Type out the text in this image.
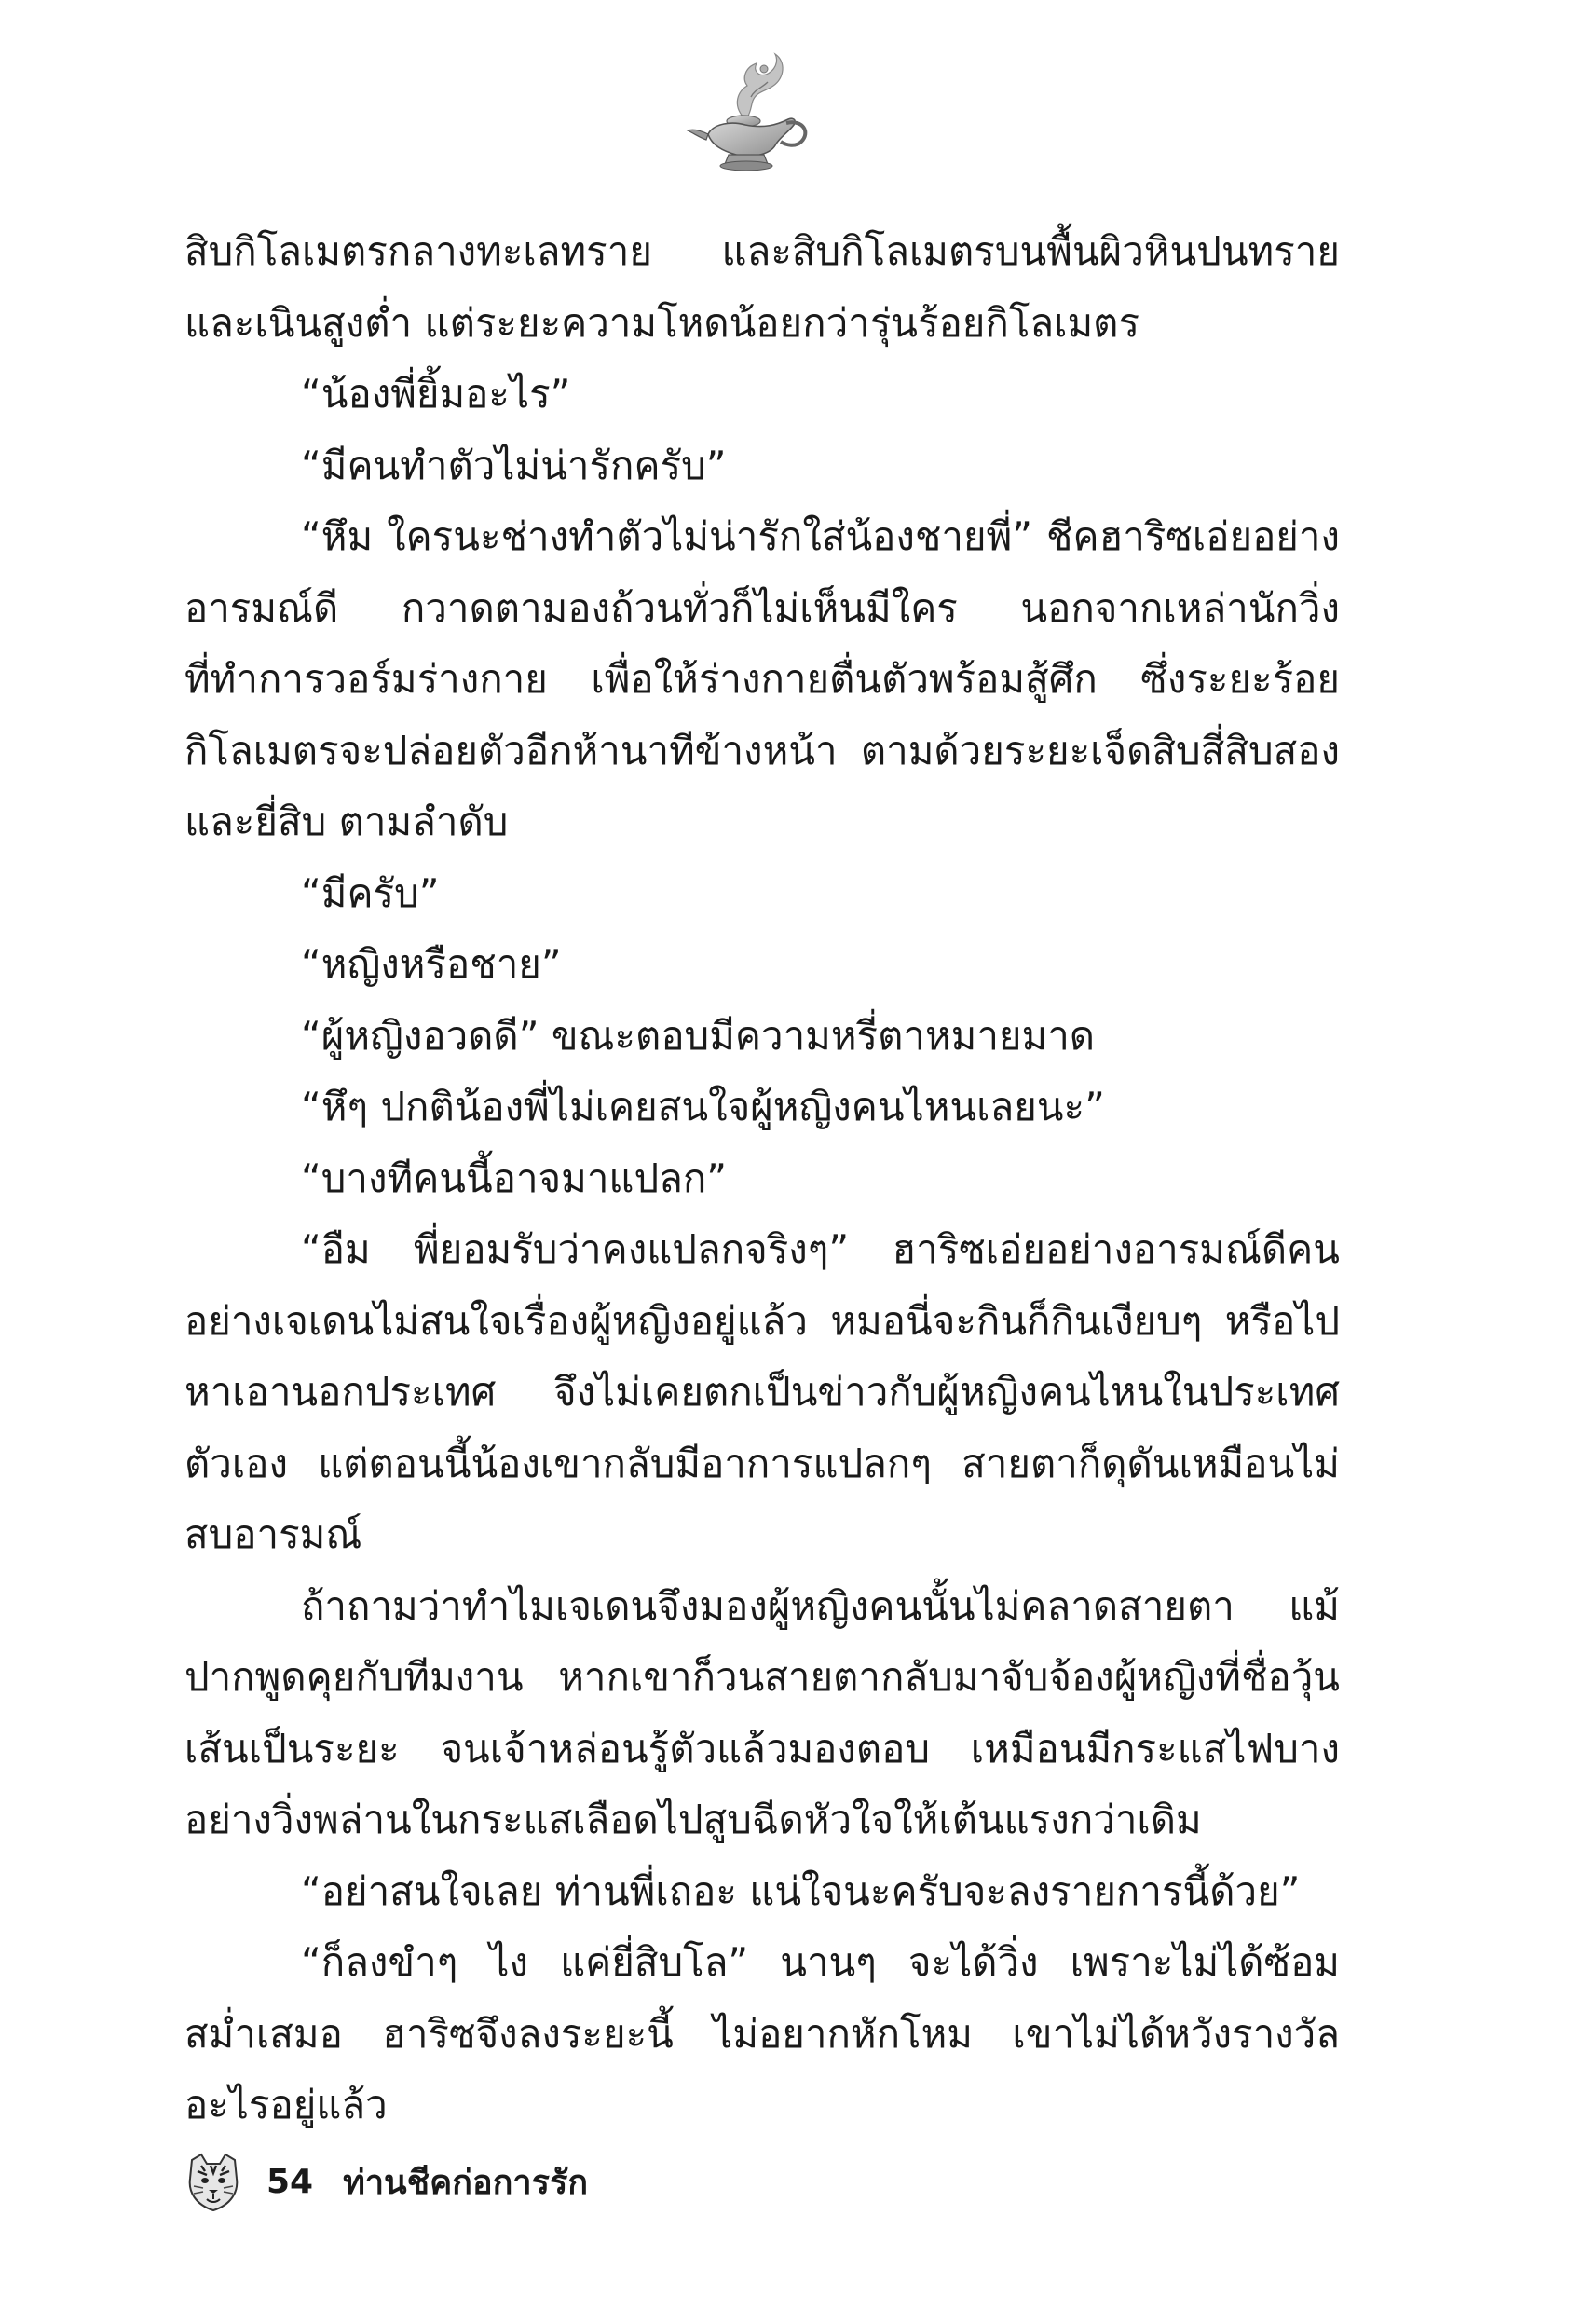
สิบกิโลเมตรกลางทะเลทราย และสิบกิโลเมตรบนพื้นผิวหินปนทราย และเนินสูงต่ำ แต่ระยะความโหดน้อยกว่ารุ่นร้อยกิโลเมตร

“น้องพี่ยิ้มอะไร”

“มีคนทำตัวไม่น่ารักครับ”

“หึม ใครนะช่างทำตัวไม่น่ารักใส่น้องชายพี่” ชีคฮาริซเอ่ยอย่างอารมณ์ดี กวาดตามองถ้วนทั่วก็ไม่เห็นมีใคร นอกจากเหล่านักวิ่งที่ทำการวอร์มร่างกาย เพื่อให้ร่างกายตื่นตัวพร้อมสู้ศึก ซึ่งระยะร้อยกิโลเมตรจะปล่อยตัวอีกห้านาทีข้างหน้า ตามด้วยระยะเจ็ดสิบสี่สิบสอง และยี่สิบ ตามลำดับ

“มีครับ”

“หญิงหรือชาย”

“ผู้หญิงอวดดี” ขณะตอบมีความหรี่ตาหมายมาด

“หึๆ ปกติน้องพี่ไม่เคยสนใจผู้หญิงคนไหนเลยนะ”

“บางทีคนนี้อาจมาแปลก”

“อืม พี่ยอมรับว่าคงแปลกจริงๆ” ฮาริซเอ่ยอย่างอารมณ์ดีคนอย่างเจเดนไม่สนใจเรื่องผู้หญิงอยู่แล้ว หมอนี่จะกินก็กินเงียบๆ หรือไปหาเอานอกประเทศ จึงไม่เคยตกเป็นข่าวกับผู้หญิงคนไหนในประเทศตัวเอง แต่ตอนนี้น้องเขากลับมีอาการแปลกๆ สายตาก็ดุดันเหมือนไม่สบอารมณ์

ถ้าถามว่าทำไมเจเดนจึงมองผู้หญิงคนนั้นไม่คลาดสายตา แม้ปากพูดคุยกับทีมงาน หากเขาก็วนสายตากลับมาจับจ้องผู้หญิงที่ชื่อวุ้นเส้นเป็นระยะ จนเจ้าหล่อนรู้ตัวแล้วมองตอบ เหมือนมีกระแสไฟบางอย่างวิ่งพล่านในกระแสเลือดไปสูบฉีดหัวใจให้เต้นแรงกว่าเดิม

“อย่าสนใจเลย ท่านพี่เถอะ แน่ใจนะครับจะลงรายการนี้ด้วย”

“ก็ลงขำๆ ไง แค่ยี่สิบโล” นานๆ จะได้วิ่ง เพราะไม่ได้ซ้อมสม่ำเสมอ ฮาริซจึงลงระยะนี้ ไม่อยากหักโหม เขาไม่ได้หวังรางวัลอะไรอยู่แล้ว

54 ท่านชีคก่อการรัก
